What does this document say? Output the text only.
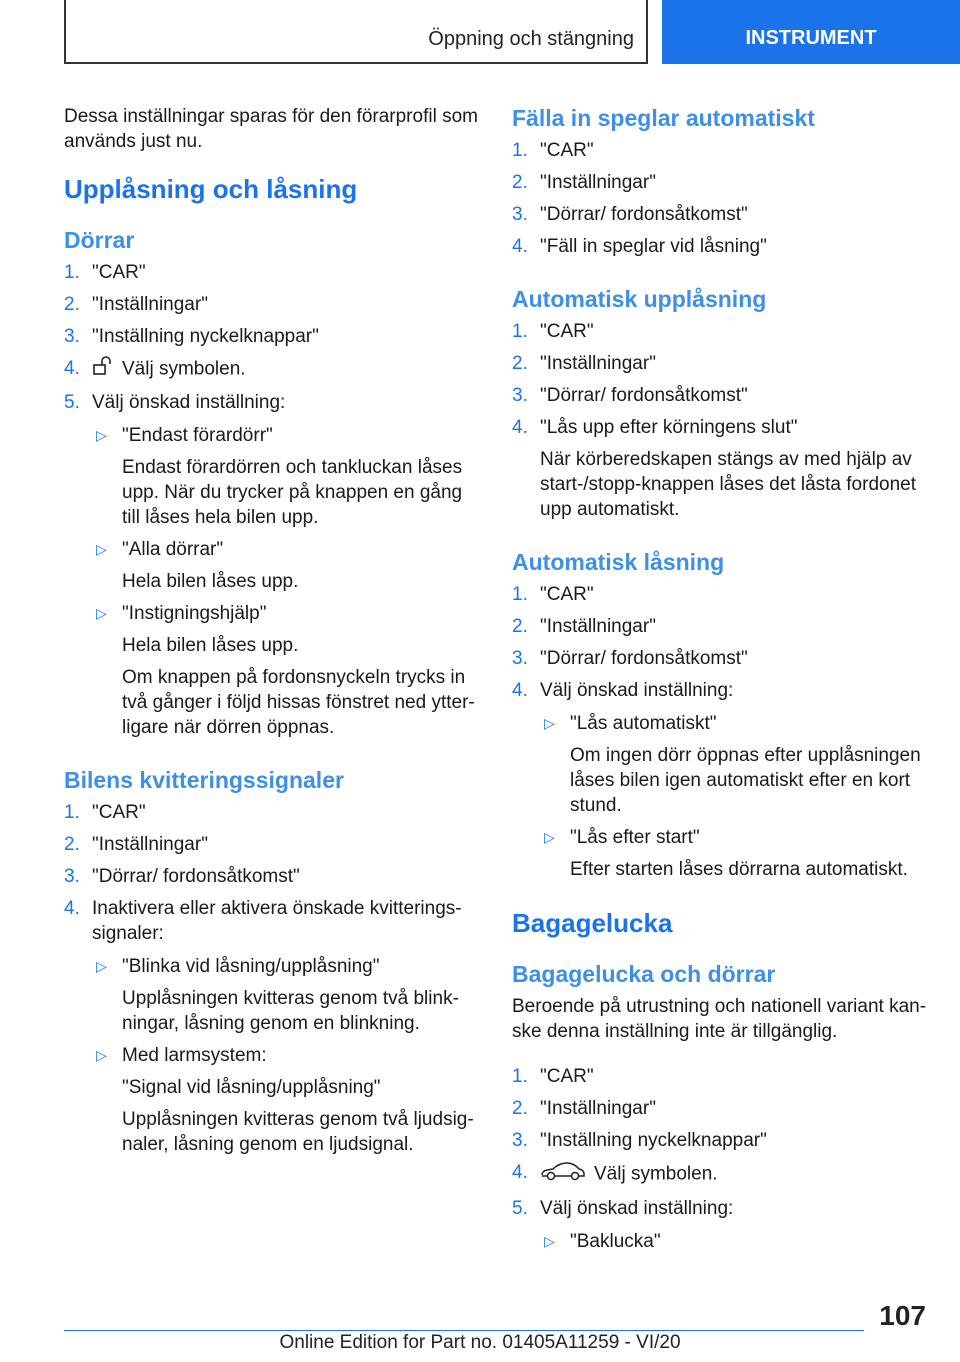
Öppning och stängning	INSTRUMENT

Dessa inställningar sparas för den förarprofil som används just nu.

Upplåsning och låsning
Dörrar
1. "CAR"
2. "Inställningar"
3. "Inställning nyckelknappar"
4. Välj symbolen.
5. Välj önskad inställning:
▷ "Endast förardörr"
Endast förardörren och tankluckan låses upp. När du trycker på knappen en gång till låses hela bilen upp.
▷ "Alla dörrar"
Hela bilen låses upp.
▷ "Instigningshjälp"
Hela bilen låses upp.
Om knappen på fordonsnyckeln trycks in två gånger i följd hissas fönstret ned ytterligare när dörren öppnas.
Bilens kvitteringssignaler
1. "CAR"
2. "Inställningar"
3. "Dörrar/ fordonsåtkomst"
4. Inaktivera eller aktivera önskade kvitteringssignaler:
▷ "Blinka vid låsning/upplåsning"
Upplåsningen kvitteras genom två blinkningar, låsning genom en blinkning.
▷ Med larmsystem:
"Signal vid låsning/upplåsning"
Upplåsningen kvitteras genom två ljudsignaler, låsning genom en ljudsignal.
Fälla in speglar automatiskt
1. "CAR"
2. "Inställningar"
3. "Dörrar/ fordonsåtkomst"
4. "Fäll in speglar vid låsning"
Automatisk upplåsning
1. "CAR"
2. "Inställningar"
3. "Dörrar/ fordonsåtkomst"
4. "Lås upp efter körningens slut"
När körberedskapen stängs av med hjälp av start-/stopp-knappen låses det låsta fordonet upp automatiskt.
Automatisk låsning
1. "CAR"
2. "Inställningar"
3. "Dörrar/ fordonsåtkomst"
4. Välj önskad inställning:
▷ "Lås automatiskt"
Om ingen dörr öppnas efter upplåsningen låses bilen igen automatiskt efter en kort stund.
▷ "Lås efter start"
Efter starten låses dörrarna automatiskt.
Bagagelucka
Bagagelucka och dörrar

Beroende på utrustning och nationell variant kanske denna inställning inte är tillgänglig.

1. "CAR"
2. "Inställningar"
3. "Inställning nyckelknappar"
4.	Välj symbolen.
5. Välj önskad inställning:
▷ "Baklucka"
107
Online Edition for Part no. 01405A11259 - VI/20
